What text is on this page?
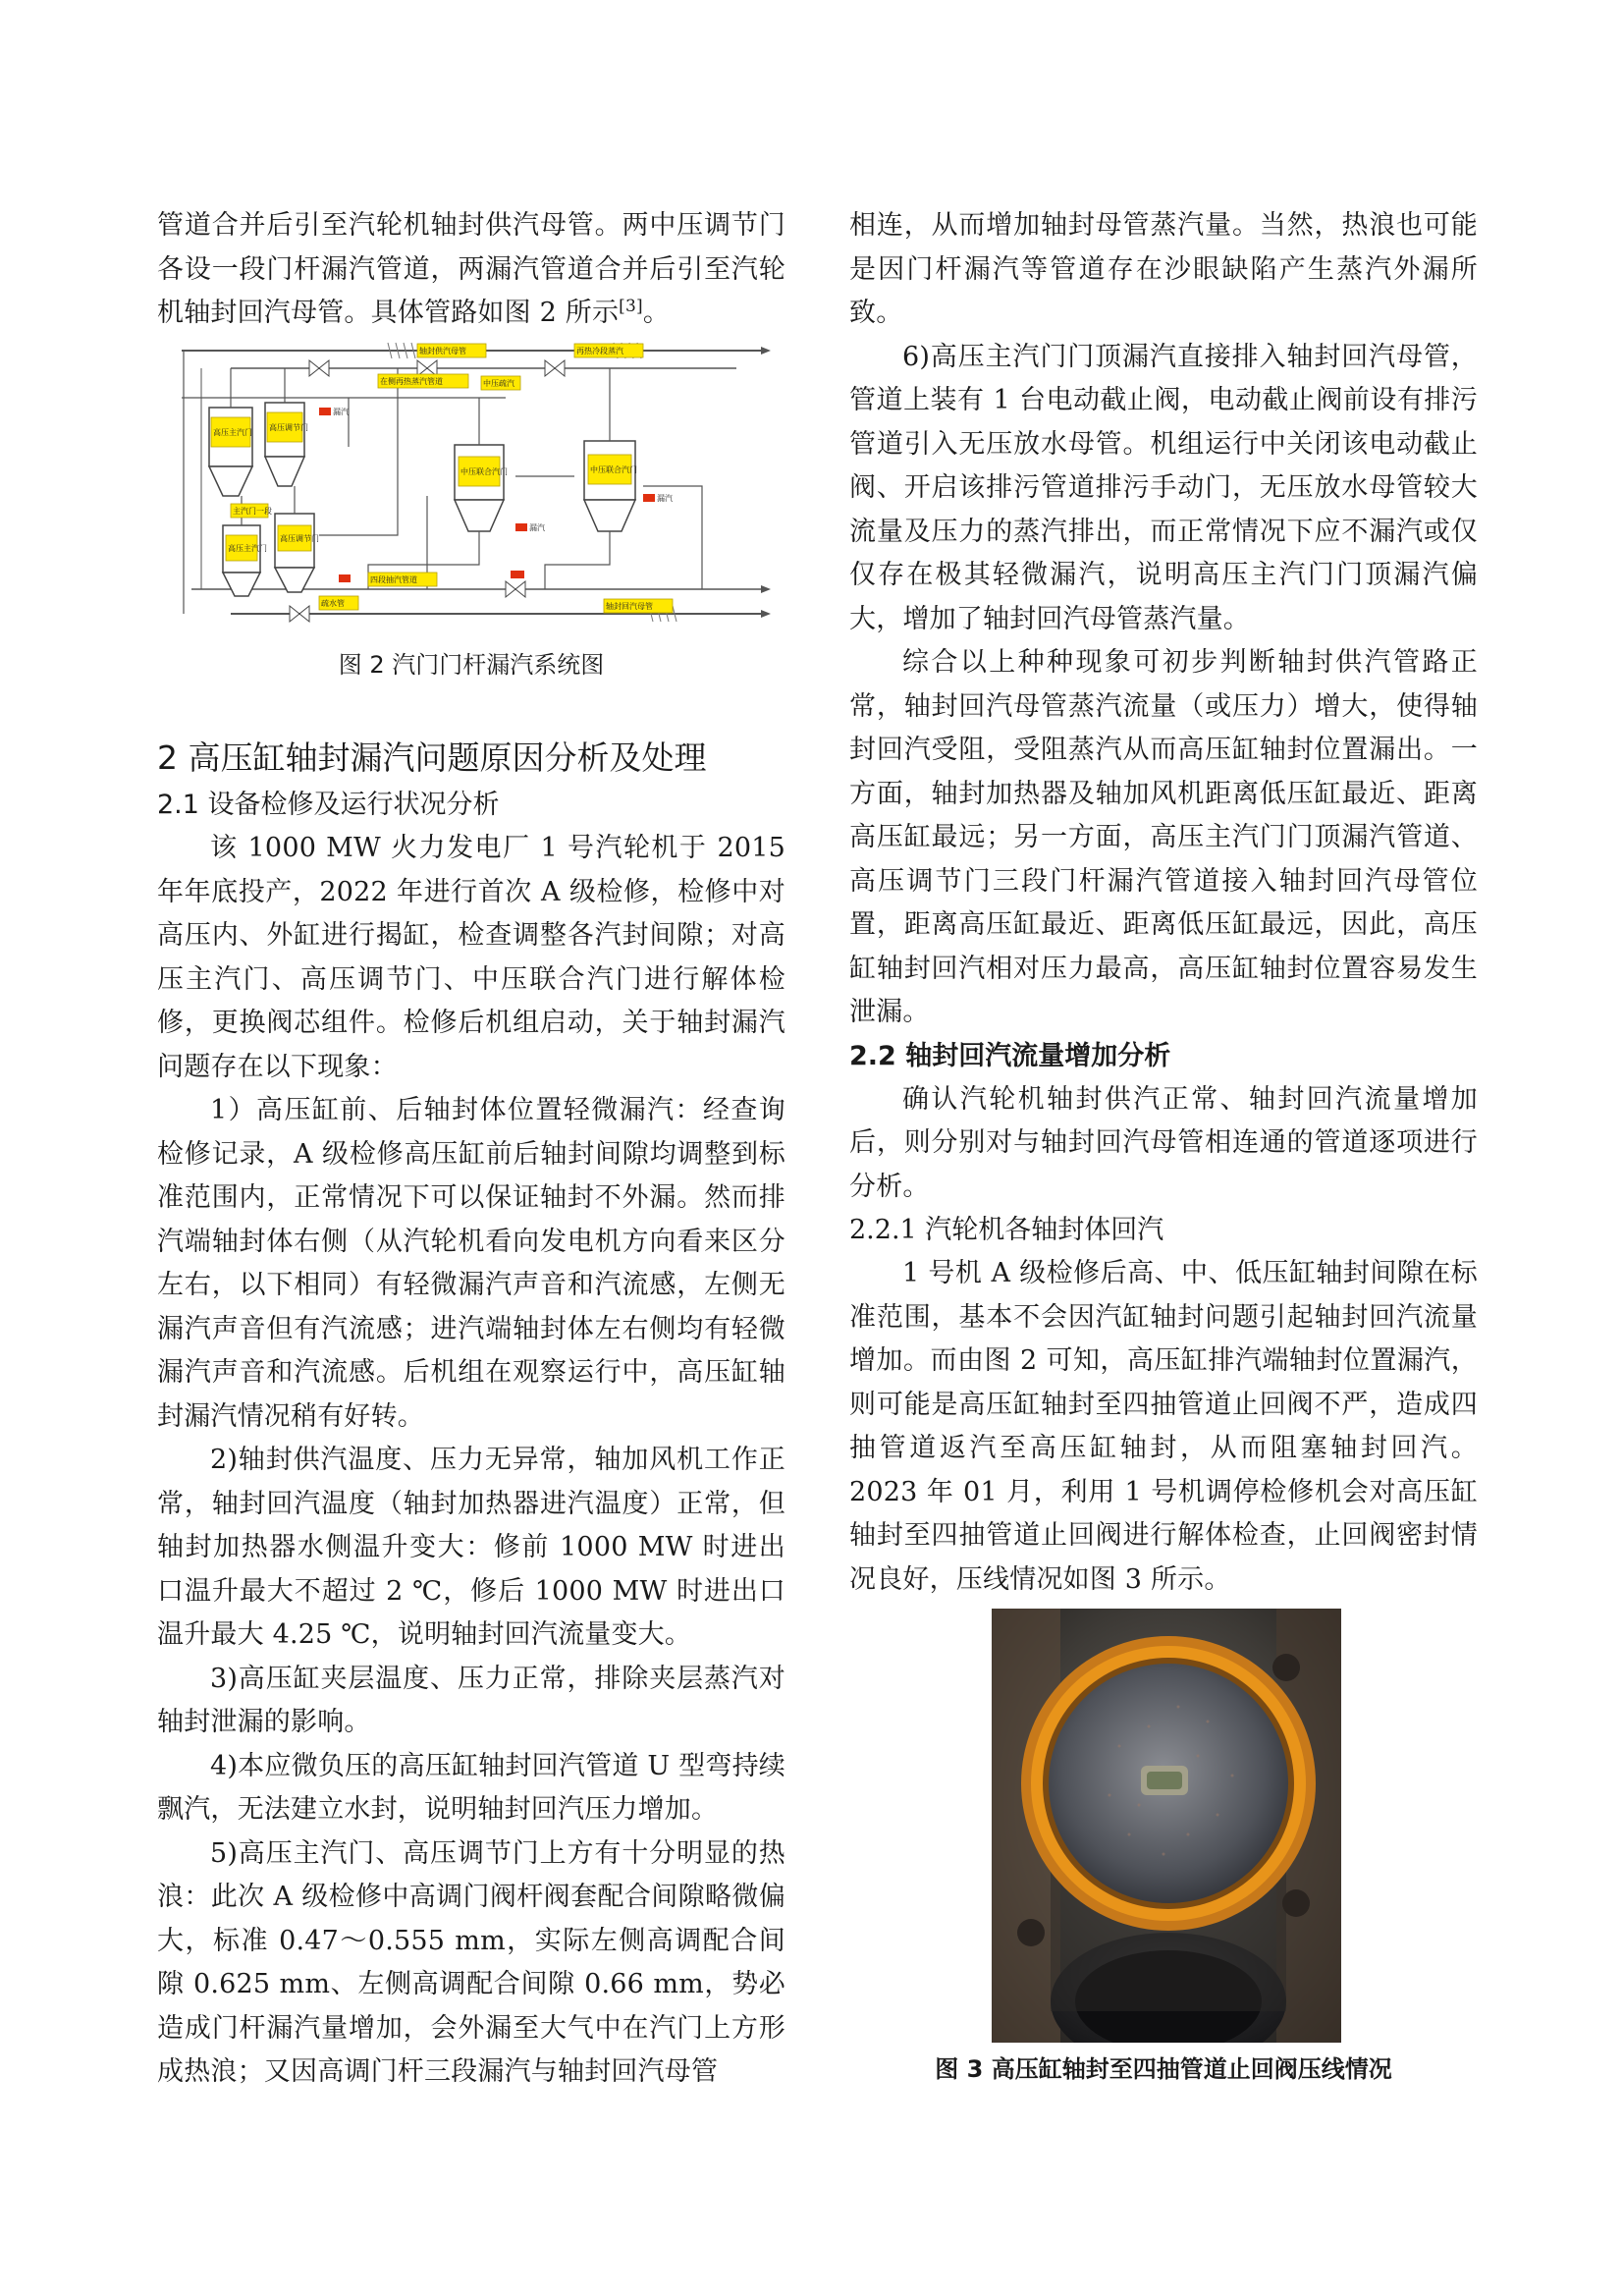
管道合并后引至汽轮机轴封供汽母管。两中压调节门各设一段门杆漏汽管道，两漏汽管道合并后引至汽轮机轴封回汽母管。具体管路如图 2 所示[3]。

轴封供汽母管
轴封回汽母管
在侧再热蒸汽管道	中压疏汽
再热冷段蒸汽
高压主汽门
高压调节门
中压联合汽门	中压联合汽门
高压主汽门
高压调节门
四段抽汽管道
疏水管
主汽门一段
漏汽
漏汽
漏汽

图 2 汽门门杆漏汽系统图

2 高压缸轴封漏汽问题原因分析及处理

2.1 设备检修及运行状况分析

该 1000 MW 火力发电厂 1 号汽轮机于 2015 年年底投产，2022 年进行首次 A 级检修，检修中对高压内、外缸进行揭缸，检查调整各汽封间隙；对高压主汽门、高压调节门、中压联合汽门进行解体检修，更换阀芯组件。检修后机组启动，关于轴封漏汽问题存在以下现象：

1）高压缸前、后轴封体位置轻微漏汽：经查询检修记录，A 级检修高压缸前后轴封间隙均调整到标准范围内，正常情况下可以保证轴封不外漏。然而排汽端轴封体右侧（从汽轮机看向发电机方向看来区分左右，以下相同）有轻微漏汽声音和汽流感，左侧无漏汽声音但有汽流感；进汽端轴封体左右侧均有轻微漏汽声音和汽流感。后机组在观察运行中，高压缸轴封漏汽情况稍有好转。

2)轴封供汽温度、压力无异常，轴加风机工作正常，轴封回汽温度（轴封加热器进汽温度）正常，但轴封加热器水侧温升变大：修前 1000 MW 时进出口温升最大不超过 2 ℃，修后 1000 MW 时进出口温升最大 4.25 ℃，说明轴封回汽流量变大。

3)高压缸夹层温度、压力正常，排除夹层蒸汽对轴封泄漏的影响。

4)本应微负压的高压缸轴封回汽管道 U 型弯持续飘汽，无法建立水封，说明轴封回汽压力增加。

5)高压主汽门、高压调节门上方有十分明显的热浪：此次 A 级检修中高调门阀杆阀套配合间隙略微偏大，标准 0.47～0.555 mm，实际左侧高调配合间隙 0.625 mm、左侧高调配合间隙 0.66 mm，势必造成门杆漏汽量增加，会外漏至大气中在汽门上方形成热浪；又因高调门杆三段漏汽与轴封回汽母管

相连，从而增加轴封母管蒸汽量。当然，热浪也可能是因门杆漏汽等管道存在沙眼缺陷产生蒸汽外漏所致。

6)高压主汽门门顶漏汽直接排入轴封回汽母管，管道上装有 1 台电动截止阀，电动截止阀前设有排污管道引入无压放水母管。机组运行中关闭该电动截止阀、开启该排污管道排污手动门，无压放水母管较大流量及压力的蒸汽排出，而正常情况下应不漏汽或仅仅存在极其轻微漏汽，说明高压主汽门门顶漏汽偏大，增加了轴封回汽母管蒸汽量。

综合以上种种现象可初步判断轴封供汽管路正常，轴封回汽母管蒸汽流量（或压力）增大，使得轴封回汽受阻，受阻蒸汽从而高压缸轴封位置漏出。一方面，轴封加热器及轴加风机距离低压缸最近、距离高压缸最远；另一方面，高压主汽门门顶漏汽管道、高压调节门三段门杆漏汽管道接入轴封回汽母管位置，距离高压缸最近、距离低压缸最远，因此，高压缸轴封回汽相对压力最高，高压缸轴封位置容易发生泄漏。

2.2 轴封回汽流量增加分析

确认汽轮机轴封供汽正常、轴封回汽流量增加后，则分别对与轴封回汽母管相连通的管道逐项进行分析。

2.2.1 汽轮机各轴封体回汽

1 号机 A 级检修后高、中、低压缸轴封间隙在标准范围，基本不会因汽缸轴封问题引起轴封回汽流量增加。而由图 2 可知，高压缸排汽端轴封位置漏汽，则可能是高压缸轴封至四抽管道止回阀不严，造成四抽管道返汽至高压缸轴封，从而阻塞轴封回汽。2023 年 01 月，利用 1 号机调停检修机会对高压缸轴封至四抽管道止回阀进行解体检查，止回阀密封情况良好，压线情况如图 3 所示。

图 3 高压缸轴封至四抽管道止回阀压线情况
